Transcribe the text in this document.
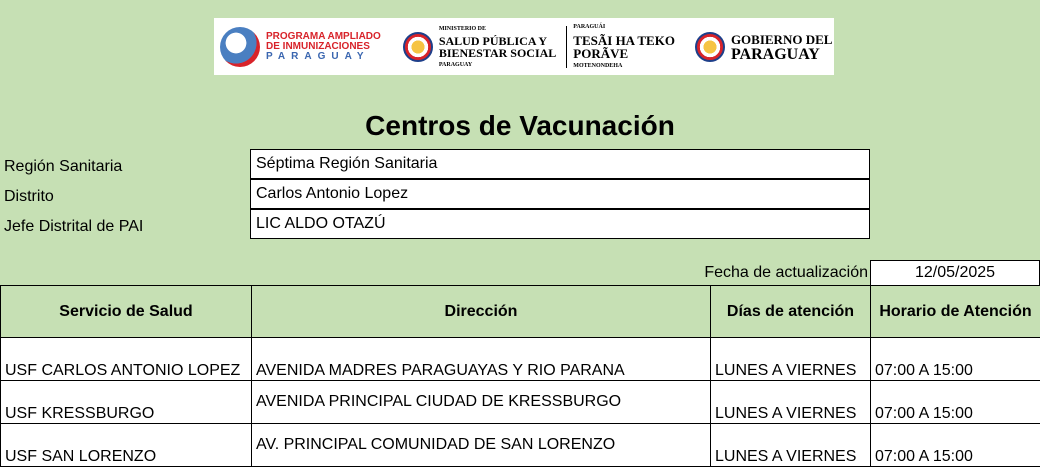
PROGRAMA AMPLIADO
DE INMUNIZACIONES
PARAGUAY
MINISTERIO DE
SALUD PÚBLICA Y
BIENESTAR SOCIAL
PARAGUAY
PARAGUÁI
TESÃI HA TEKO
PORÃVE
MOTENONDEHA
GOBIERNO DEL
PARAGUAY
Centros de Vacunación
Región Sanitaria	Séptima Región Sanitaria
Distrito	Carlos Antonio Lopez
Jefe Distrital de PAI	LIC ALDO OTAZÚ
Fecha de actualización	12/05/2025
Servicio de Salud	Dirección	Días de atención	Horario de Atención
USF CARLOS ANTONIO LOPEZ	AVENIDA MADRES PARAGUAYAS Y RIO PARANA	LUNES A VIERNES	07:00 A 15:00
USF KRESSBURGO	AVENIDA PRINCIPAL CIUDAD DE KRESSBURGO	LUNES A VIERNES	07:00 A 15:00
USF SAN LORENZO	AV. PRINCIPAL COMUNIDAD DE SAN LORENZO	LUNES A VIERNES	07:00 A 15:00
